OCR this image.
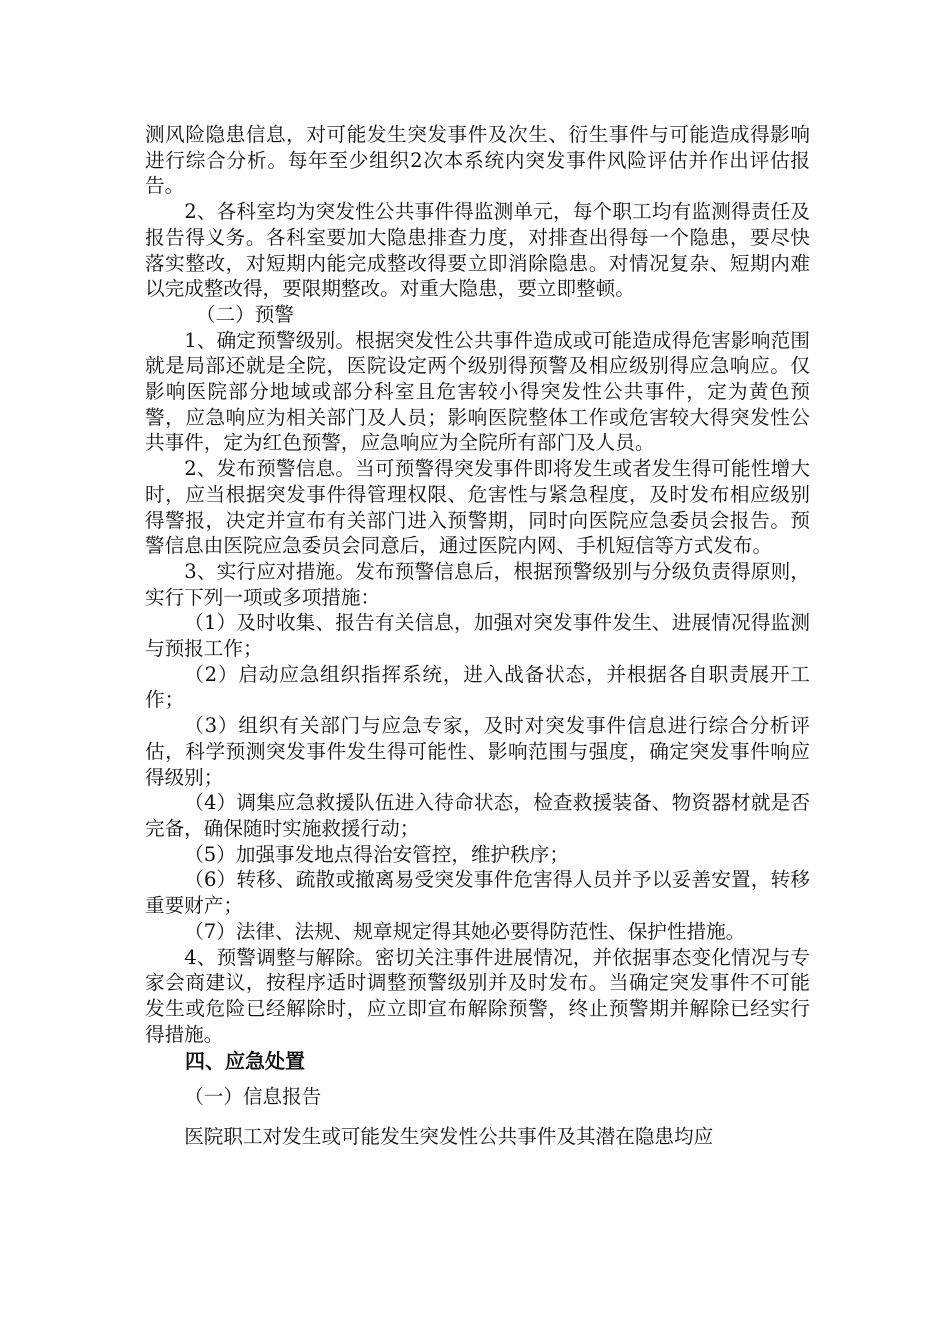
测风险隐患信息，对可能发生突发事件及次生、衍生事件与可能造成得影响进行综合分析。每年至少组织2次本系统内突发事件风险评估并作出评估报告。

2、各科室均为突发性公共事件得监测单元，每个职工均有监测得责任及报告得义务。各科室要加大隐患排查力度，对排查出得每一个隐患，要尽快落实整改，对短期内能完成整改得要立即消除隐患。对情况复杂、短期内难以完成整改得，要限期整改。对重大隐患，要立即整顿。

（二）预警

1、确定预警级别。根据突发性公共事件造成或可能造成得危害影响范围就是局部还就是全院，医院设定两个级别得预警及相应级别得应急响应。仅影响医院部分地域或部分科室且危害较小得突发性公共事件，定为黄色预警，应急响应为相关部门及人员；影响医院整体工作或危害较大得突发性公共事件，定为红色预警，应急响应为全院所有部门及人员。

2、发布预警信息。当可预警得突发事件即将发生或者发生得可能性增大时，应当根据突发事件得管理权限、危害性与紧急程度，及时发布相应级别得警报，决定并宣布有关部门进入预警期，同时向医院应急委员会报告。预警信息由医院应急委员会同意后，通过医院内网、手机短信等方式发布。

3、实行应对措施。发布预警信息后，根据预警级别与分级负责得原则，实行下列一项或多项措施：

（1）及时收集、报告有关信息，加强对突发事件发生、进展情况得监测与预报工作；

（2）启动应急组织指挥系统，进入战备状态，并根据各自职责展开工作；

（3）组织有关部门与应急专家，及时对突发事件信息进行综合分析评估，科学预测突发事件发生得可能性、影响范围与强度，确定突发事件响应得级别；

（4）调集应急救援队伍进入待命状态，检查救援装备、物资器材就是否完备，确保随时实施救援行动；

（5）加强事发地点得治安管控，维护秩序；

（6）转移、疏散或撤离易受突发事件危害得人员并予以妥善安置，转移重要财产；

（7）法律、法规、规章规定得其她必要得防范性、保护性措施。

4、预警调整与解除。密切关注事件进展情况，并依据事态变化情况与专家会商建议，按程序适时调整预警级别并及时发布。当确定突发事件不可能发生或危险已经解除时，应立即宣布解除预警，终止预警期并解除已经实行得措施。

四、应急处置

（一）信息报告

医院职工对发生或可能发生突发性公共事件及其潜在隐患均应
